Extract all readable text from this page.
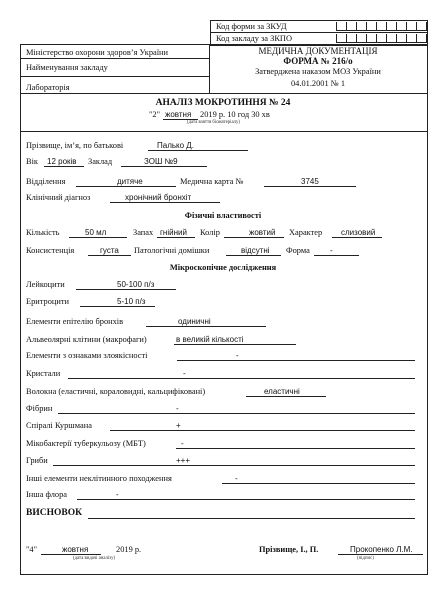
Код форми за ЗКУД
Код закладу за ЗКПО
Міністерство охорони здоров’я України
Найменування закладу
Лабораторія
МЕДИЧНА ДОКУМЕНТАЦІЯ
ФОРМА № 216/о
Затверджена наказом МОЗ України
04.01.2001 № 1
АНАЛІЗ МОКРОТИННЯ № 24
"2" жовтня 2019 р. 10 год 30 хв
(дата взяття біоматеріалу)
Прізвище, ім’я, по батькові	Палько Д.
Вік 12 років Заклад	ЗОШ №9
Відділення	дитяче	Медична карта №	3745
Клінічний діагноз	хронічний бронхіт
Фізичні властивості
Кількість	50 мл	Запах гнійний Колір	жовтий Характер слизовий
Консистенція	густа Патологічні домішки	відсутні Форма	-
Мікроскопічне дослідження
Лейкоцити	50-100 п/з
Еритроцити	5-10 п/з
Елементи епітелію бронхів	одиничні
Альвеолярні клітини (макрофаги)	в великій кількості
Елементи з ознаками злоякісності	-
Кристали	-
Волокна (еластичні, кораловидні, кальцифіковані)	еластичні
Фібрин	-
Спіралі Куршмана	+
Мікобактерії туберкульозу (МБТ)	-
Гриби	+++
Інші елементи неклітинного походження	-
Інша флора	-
ВИСНОВОК
"4"	жовтня	2019 р.
(дата видачі аналізу)
Прізвище, І., П.	Прокопенко Л.М.
(підпис)
